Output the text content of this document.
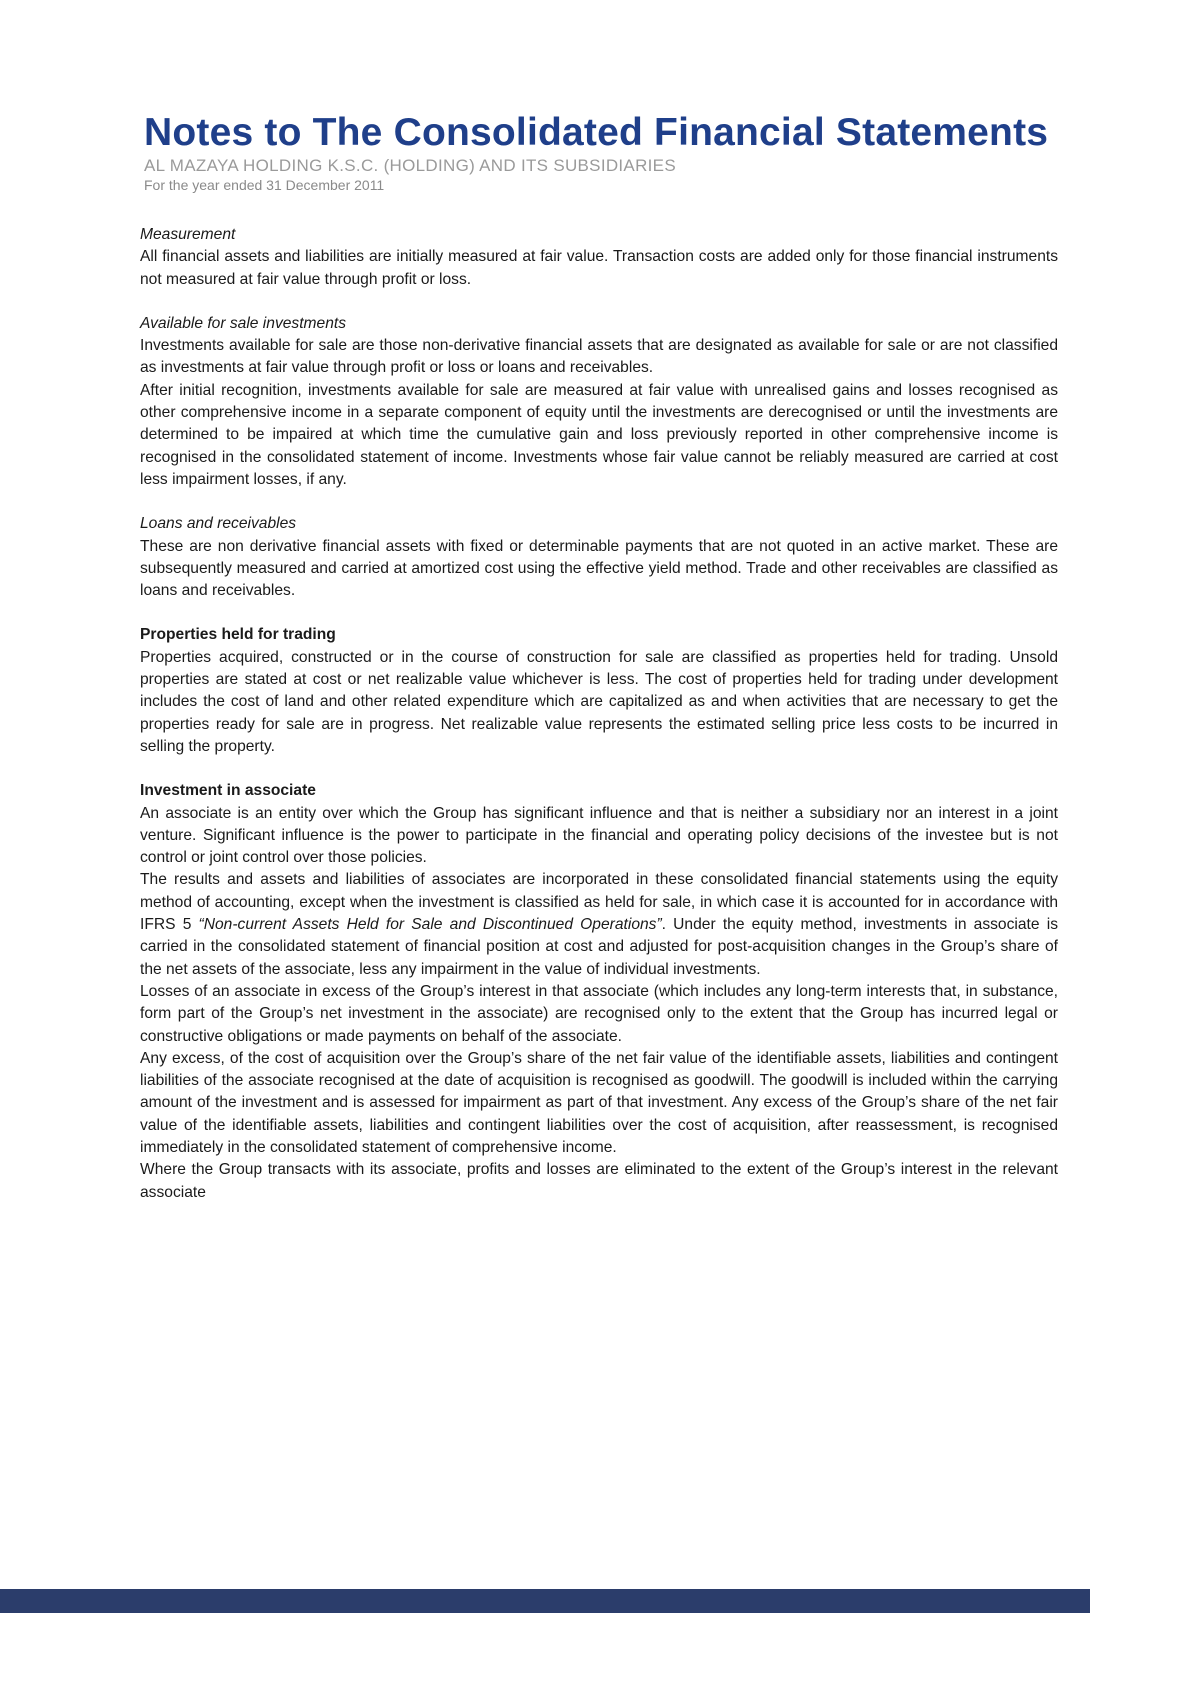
Notes to The Consolidated Financial Statements
AL MAZAYA HOLDING K.S.C. (HOLDING) AND ITS SUBSIDIARIES
For the year ended 31 December 2011

Measurement

All financial assets and liabilities are initially measured at fair value. Transaction costs are added only for those financial instruments not measured at fair value through profit or loss.

Available for sale investments

Investments available for sale are those non-derivative financial assets that are designated as available for sale or are not classified as investments at fair value through profit or loss or loans and receivables.

After initial recognition, investments available for sale are measured at fair value with unrealised gains and losses recognised as other comprehensive income in a separate component of equity until the investments are derecognised or until the investments are determined to be impaired at which time the cumulative gain and loss previously reported in other comprehensive income is recognised in the consolidated statement of income. Investments whose fair value cannot be reliably measured are carried at cost less impairment losses, if any.

Loans and receivables

These are non derivative financial assets with fixed or determinable payments that are not quoted in an active market. These are subsequently measured and carried at amortized cost using the effective yield method. Trade and other receivables are classified as loans and receivables.

Properties held for trading

Properties acquired, constructed or in the course of construction for sale are classified as properties held for trading. Unsold properties are stated at cost or net realizable value whichever is less. The cost of properties held for trading under development includes the cost of land and other related expenditure which are capitalized as and when activities that are necessary to get the properties ready for sale are in progress. Net realizable value represents the estimated selling price less costs to be incurred in selling the property.

Investment in associate

An associate is an entity over which the Group has significant influence and that is neither a subsidiary nor an interest in a joint venture. Significant influence is the power to participate in the financial and operating policy decisions of the investee but is not control or joint control over those policies.

The results and assets and liabilities of associates are incorporated in these consolidated financial statements using the equity method of accounting, except when the investment is classified as held for sale, in which case it is accounted for in accordance with IFRS 5 “Non-current Assets Held for Sale and Discontinued Operations”. Under the equity method, investments in associate is carried in the consolidated statement of financial position at cost and adjusted for post-acquisition changes in the Group’s share of the net assets of the associate, less any impairment in the value of individual investments.

Losses of an associate in excess of the Group’s interest in that associate (which includes any long-term interests that, in substance, form part of the Group’s net investment in the associate) are recognised only to the extent that the Group has incurred legal or constructive obligations or made payments on behalf of the associate.

Any excess, of the cost of acquisition over the Group’s share of the net fair value of the identifiable assets, liabilities and contingent liabilities of the associate recognised at the date of acquisition is recognised as goodwill. The goodwill is included within the carrying amount of the investment and is assessed for impairment as part of that investment. Any excess of the Group’s share of the net fair value of the identifiable assets, liabilities and contingent liabilities over the cost of acquisition, after reassessment, is recognised immediately in the consolidated statement of comprehensive income.

Where the Group transacts with its associate, profits and losses are eliminated to the extent of the Group’s interest in the relevant associate
